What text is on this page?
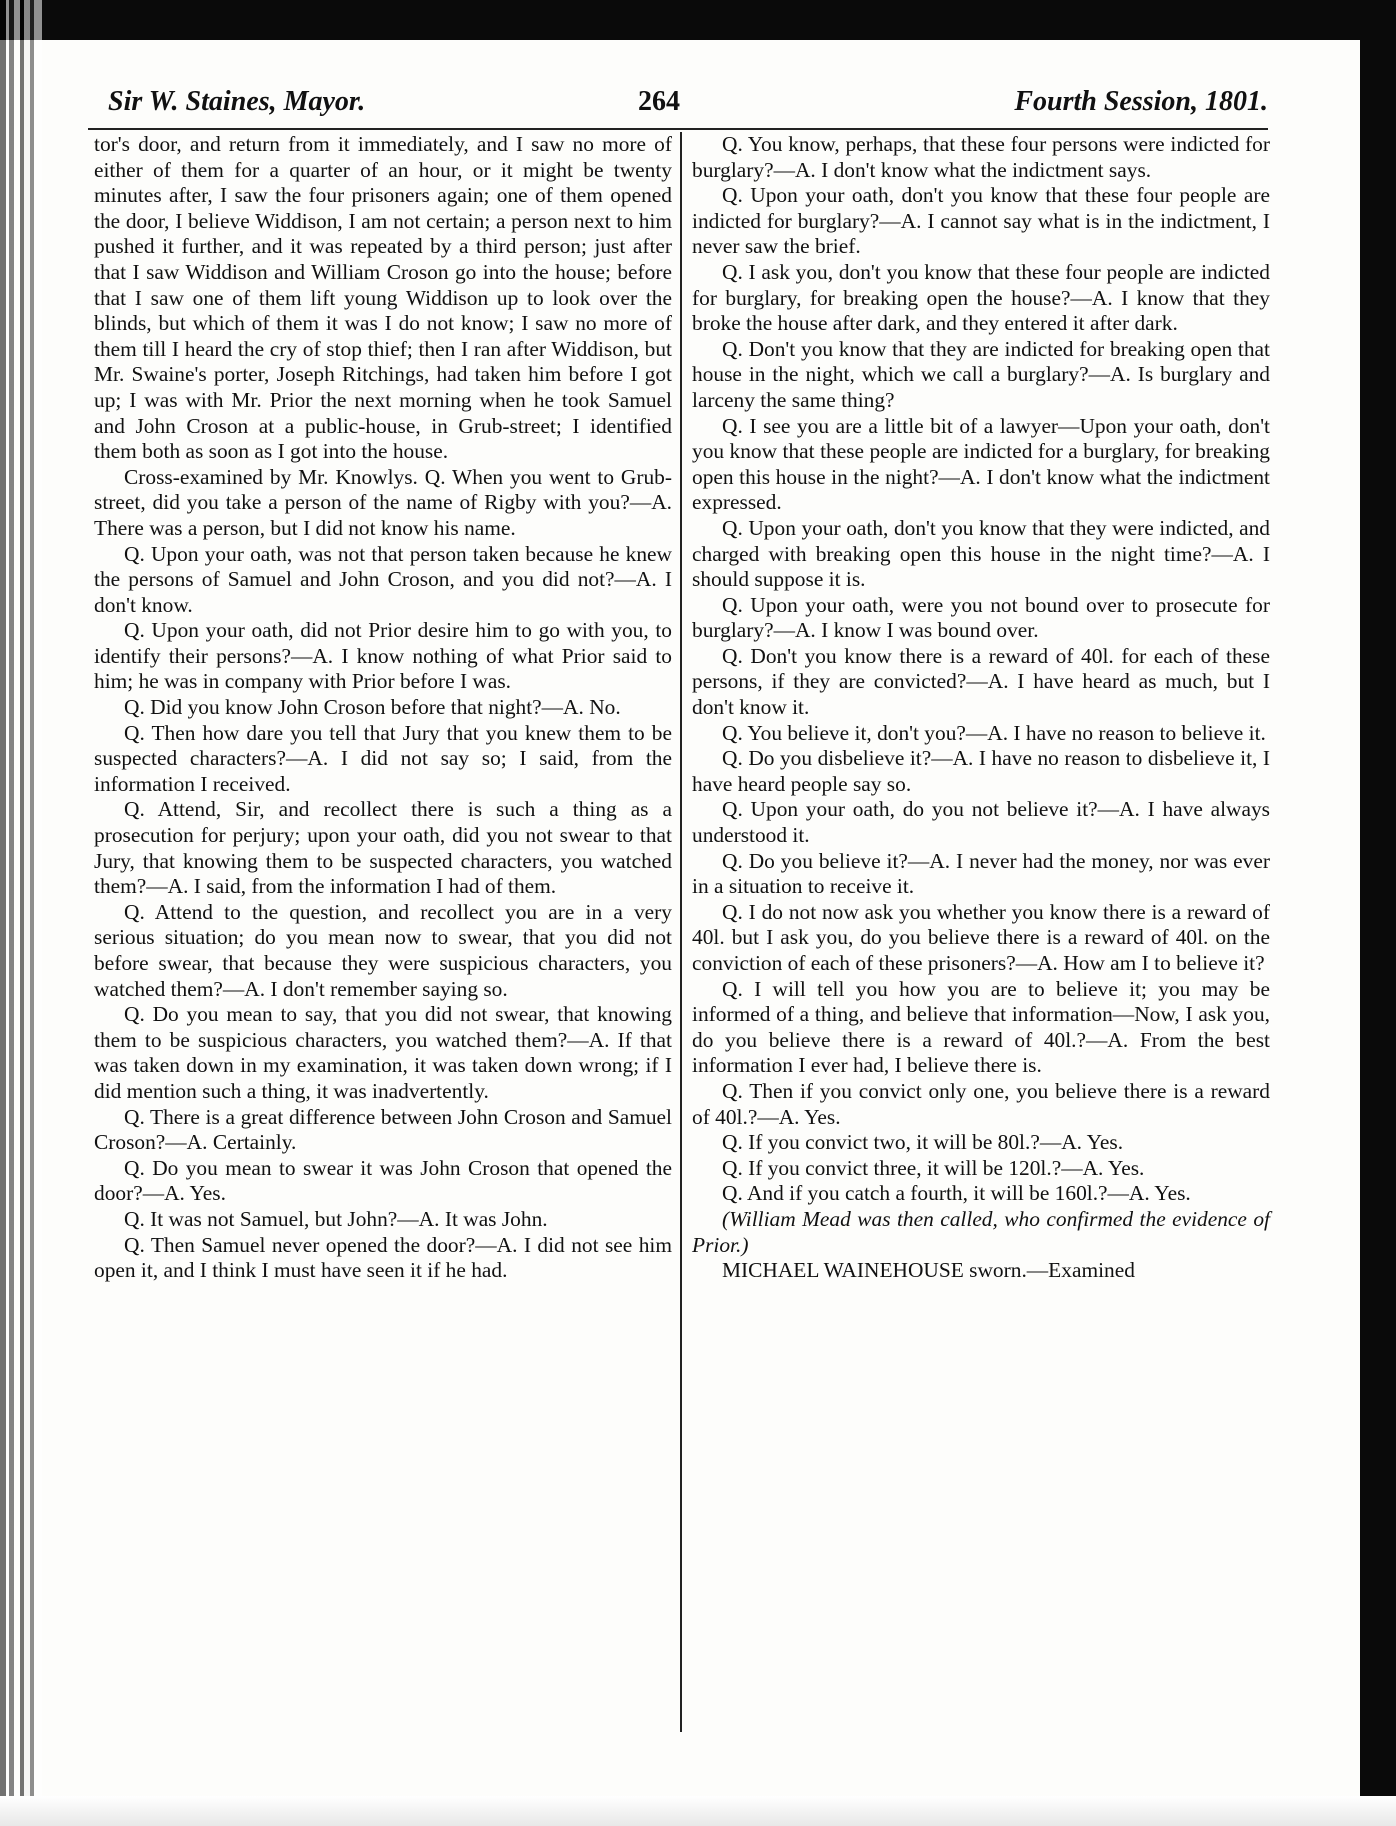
Sir W. Staines, Mayor.	264	Fourth Session, 1801.

tor's door, and return from it immediately, and I saw no more of either of them for a quarter of an hour, or it might be twenty minutes after, I saw the four prisoners again; one of them opened the door, I believe Widdison, I am not certain; a person next to him pushed it further, and it was repeated by a third person; just after that I saw Widdison and William Croson go into the house; before that I saw one of them lift young Widdison up to look over the blinds, but which of them it was I do not know; I saw no more of them till I heard the cry of stop thief; then I ran after Widdison, but Mr. Swaine's porter, Joseph Ritchings, had taken him before I got up; I was with Mr. Prior the next morning when he took Samuel and John Croson at a public-house, in Grub-street; I identified them both as soon as I got into the house.

Cross-examined by Mr. Knowlys. Q. When you went to Grub-street, did you take a person of the name of Rigby with you?—A. There was a person, but I did not know his name.

Q. Upon your oath, was not that person taken because he knew the persons of Samuel and John Croson, and you did not?—A. I don't know.

Q. Upon your oath, did not Prior desire him to go with you, to identify their persons?—A. I know nothing of what Prior said to him; he was in company with Prior before I was.

Q. Did you know John Croson before that night?—A. No.

Q. Then how dare you tell that Jury that you knew them to be suspected characters?—A. I did not say so; I said, from the information I received.

Q. Attend, Sir, and recollect there is such a thing as a prosecution for perjury; upon your oath, did you not swear to that Jury, that knowing them to be suspected characters, you watched them?—A. I said, from the information I had of them.

Q. Attend to the question, and recollect you are in a very serious situation; do you mean now to swear, that you did not before swear, that because they were suspicious characters, you watched them?—A. I don't remember saying so.

Q. Do you mean to say, that you did not swear, that knowing them to be suspicious characters, you watched them?—A. If that was taken down in my examination, it was taken down wrong; if I did mention such a thing, it was inadvertently.

Q. There is a great difference between John Croson and Samuel Croson?—A. Certainly.

Q. Do you mean to swear it was John Croson that opened the door?—A. Yes.

Q. It was not Samuel, but John?—A. It was John.

Q. Then Samuel never opened the door?—A. I did not see him open it, and I think I must have seen it if he had.

Q. You know, perhaps, that these four persons were indicted for burglary?—A. I don't know what the indictment says.

Q. Upon your oath, don't you know that these four people are indicted for burglary?—A. I cannot say what is in the indictment, I never saw the brief.

Q. I ask you, don't you know that these four people are indicted for burglary, for breaking open the house?—A. I know that they broke the house after dark, and they entered it after dark.

Q. Don't you know that they are indicted for breaking open that house in the night, which we call a burglary?—A. Is burglary and larceny the same thing?

Q. I see you are a little bit of a lawyer—Upon your oath, don't you know that these people are indicted for a burglary, for breaking open this house in the night?—A. I don't know what the indictment expressed.

Q. Upon your oath, don't you know that they were indicted, and charged with breaking open this house in the night time?—A. I should suppose it is.

Q. Upon your oath, were you not bound over to prosecute for burglary?—A. I know I was bound over.

Q. Don't you know there is a reward of 40l. for each of these persons, if they are convicted?—A. I have heard as much, but I don't know it.

Q. You believe it, don't you?—A. I have no reason to believe it.

Q. Do you disbelieve it?—A. I have no reason to disbelieve it, I have heard people say so.

Q. Upon your oath, do you not believe it?—A. I have always understood it.

Q. Do you believe it?—A. I never had the money, nor was ever in a situation to receive it.

Q. I do not now ask you whether you know there is a reward of 40l. but I ask you, do you believe there is a reward of 40l. on the conviction of each of these prisoners?—A. How am I to believe it?

Q. I will tell you how you are to believe it; you may be informed of a thing, and believe that information—Now, I ask you, do you believe there is a reward of 40l.?—A. From the best information I ever had, I believe there is.

Q. Then if you convict only one, you believe there is a reward of 40l.?—A. Yes.

Q. If you convict two, it will be 80l.?—A. Yes.

Q. If you convict three, it will be 120l.?—A. Yes.

Q. And if you catch a fourth, it will be 160l.?—A. Yes.

(William Mead was then called, who confirmed the evidence of Prior.)

MICHAEL WAINEHOUSE sworn.—Examined
